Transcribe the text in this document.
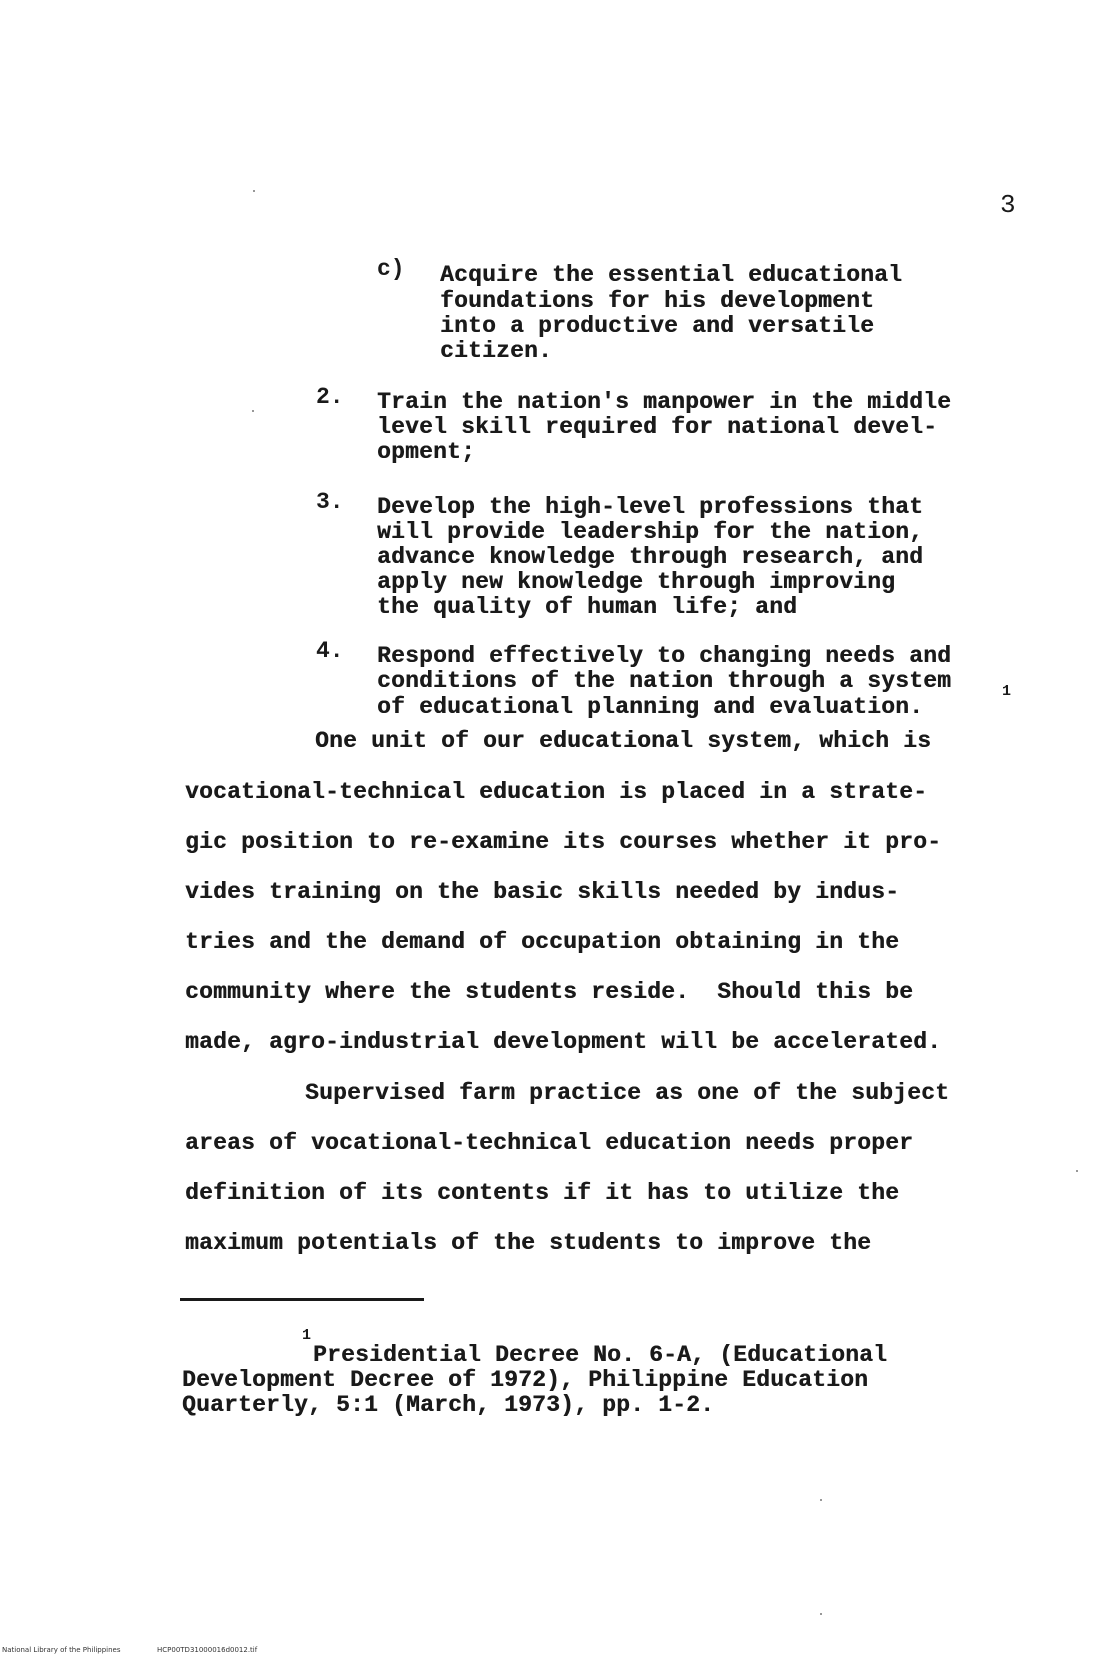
3
c) Acquire the essential educational
foundations for his development
into a productive and versatile
citizen.
2. Train the nation's manpower in the middle
level skill required for national devel-
opment;
3. Develop the high-level professions that
will provide leadership for the nation,
advance knowledge through research, and
apply new knowledge through improving
the quality of human life; and
4. Respond effectively to changing needs and
conditions of the nation through a system
of educational planning and evaluation.
1
One unit of our educational system, which is
vocational-technical education is placed in a strate-
gic position to re-examine its courses whether it pro-
vides training on the basic skills needed by indus-
tries and the demand of occupation obtaining in the
community where the students reside.  Should this be
made, agro-industrial development will be accelerated.
Supervised farm practice as one of the subject
areas of vocational-technical education needs proper
definition of its contents if it has to utilize the
maximum potentials of the students to improve the
1
Presidential Decree No. 6-A, (Educational
Development Decree of 1972), Philippine Education
Quarterly, 5:1 (March, 1973), pp. 1-2.
National Library of the Philippines	HCP00TD31000016d0012.tif
